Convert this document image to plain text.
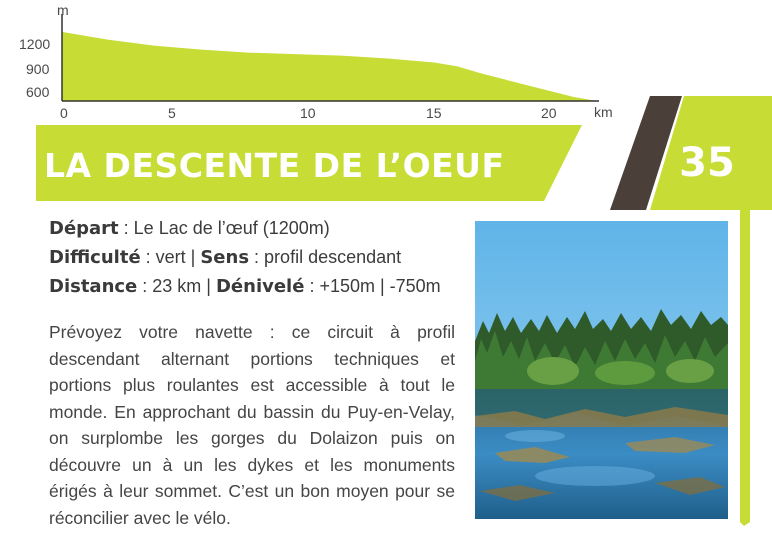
m
1200
900
600
0	5	10	15	20	km
LA DESCENTE DE L’OEUF	35
Départ : Le Lac de l’œuf (1200m)
Difficulté : vert | Sens : profil descendant
Distance : 23 km | Dénivelé : +150m | -750m

Prévoyez votre navette : ce circuit à profil descendant alternant portions techniques et portions plus roulantes est accessible à tout le monde. En approchant du bassin du Puy-en-Velay, on surplombe les gorges du Dolaizon puis on découvre un à un les dykes et les monuments érigés à leur sommet. C’est un bon moyen pour se réconcilier avec le vélo.
